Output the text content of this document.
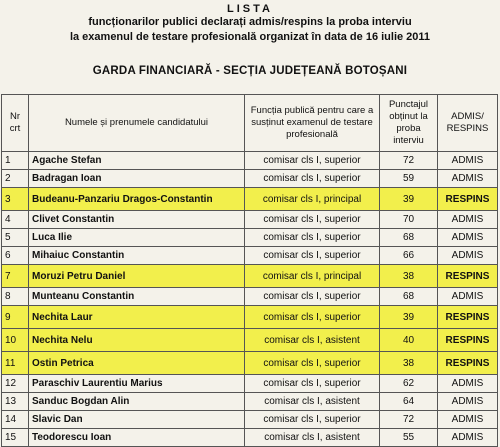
LISTA
funcționarilor publici declarați admis/respins la proba interviu
la examenul de testare profesională organizat în data de 16 iulie 2011
GARDA FINANCIARĂ - SECȚIA JUDEȚEANĂ BOTOȘANI
Nr crt	Numele și prenumele candidatului	Funcția publică pentru care a susținut examenul de testare profesională	Punctajul obținut la proba interviu	ADMIS/ RESPINS
1	Agache Stefan	comisar cls I, superior	72	ADMIS
2	Badragan Ioan	comisar cls I, superior	59	ADMIS
3	Budeanu-Panzariu Dragos-Constantin	comisar cls I, principal	39	RESPINS
4	Clivet Constantin	comisar cls I, superior	70	ADMIS
5	Luca Ilie	comisar cls I, superior	68	ADMIS
6	Mihaiuc Constantin	comisar cls I, superior	66	ADMIS
7	Moruzi Petru Daniel	comisar cls I, principal	38	RESPINS
8	Munteanu Constantin	comisar cls I, superior	68	ADMIS
9	Nechita Laur	comisar cls I, superior	39	RESPINS
10	Nechita Nelu	comisar cls I, asistent	40	RESPINS
11	Ostin Petrica	comisar cls I, superior	38	RESPINS
12	Paraschiv Laurentiu Marius	comisar cls I, superior	62	ADMIS
13	Sanduc Bogdan Alin	comisar cls I, asistent	64	ADMIS
14	Slavic Dan	comisar cls I, superior	72	ADMIS
15	Teodorescu Ioan	comisar cls I, asistent	55	ADMIS
